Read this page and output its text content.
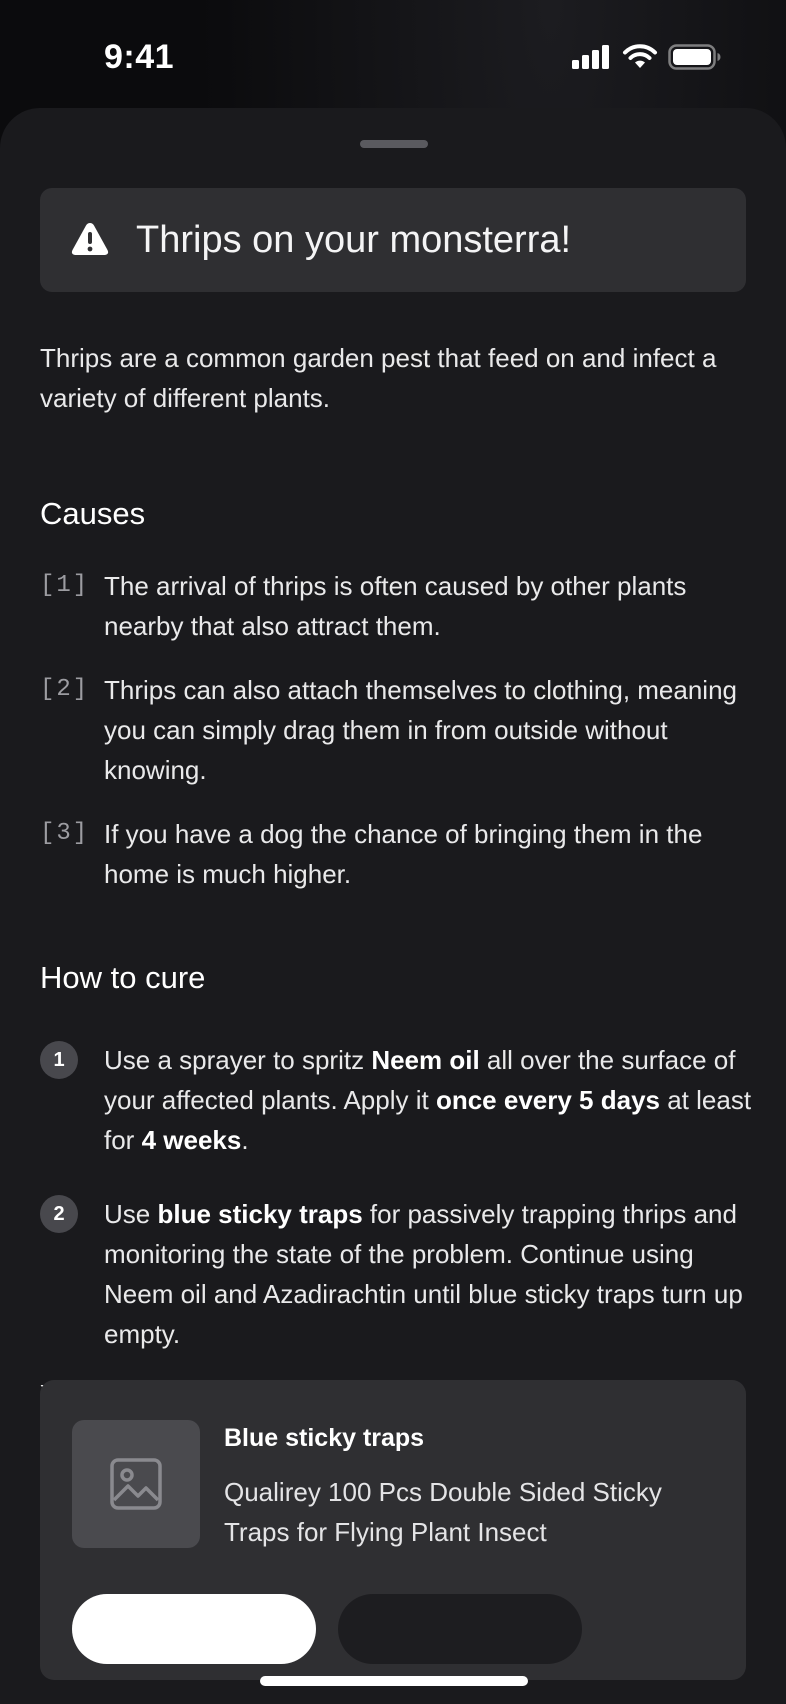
9:41
Thrips on your monsterra!

Thrips are a common garden pest that feed on and infect a variety of different plants.

Causes
[1] The arrival of thrips is often caused by other plants nearby that also attract them.
[2] Thrips can also attach themselves to clothing, meaning you can simply drag them in from outside without knowing.
[3] If you have a dog the chance of bringing them in the home is much higher.
How to cure
1	Use a sprayer to spritz Neem oil all over the surface of your affected plants. Apply it once every 5 days at least for 4 weeks.
2	Use blue sticky traps for passively trapping thrips and monitoring the state of the problem. Continue using Neem oil and Azadirachtin until blue sticky traps turn up empty.
Blue sticky traps
Qualirey 100 Pcs Double Sided Sticky Traps for Flying Plant Insect
